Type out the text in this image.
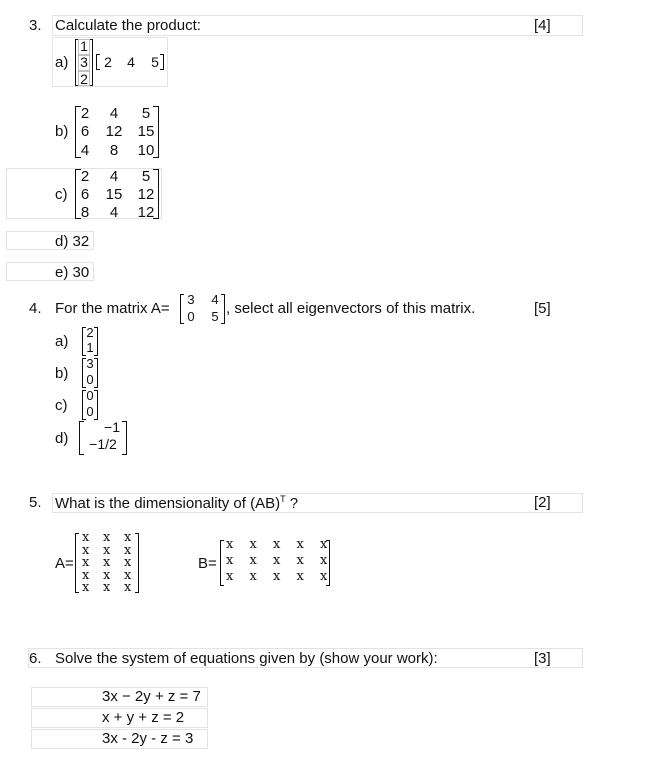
3. Calculate the product:	[4]
a)
1
3
2
2 4 5
b)
2	4	5
6 12 15
4	8	10
c)
2	4	5
6 15 12
8	4	12
d) 32
e) 30
4. For the matrix A=
3 4
0 5 , select all eigenvectors of this matrix.	[5]
a)
2
1
b)
3
0
c)
0
0
d)
−1
−1/2
5. What is the dimensionality of (AB)$^T$ ?	[2]
A=
x x x
x x x
x x x
x x x
x x x
B=
x x x x x
x x x x x
x x x x x
6. Solve the system of equations given by (show your work):	[3]
3x − 2y + z = 7
x + y + z = 2
3x - 2y - z = 3
